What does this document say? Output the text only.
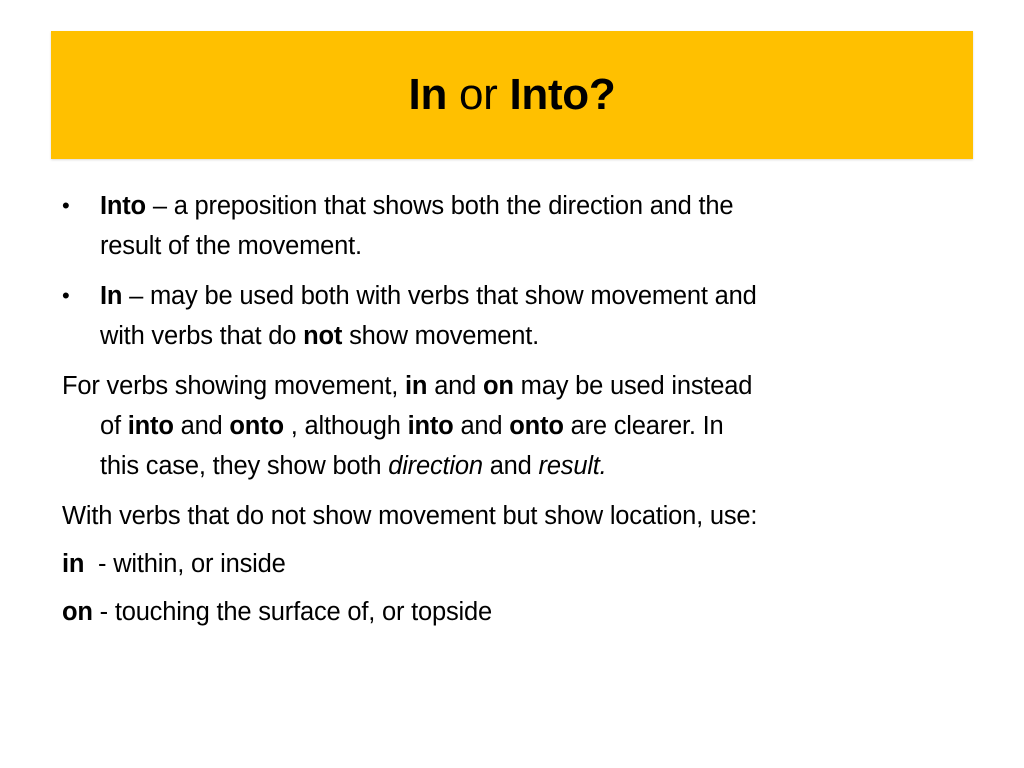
In or Into?
•	Into – a preposition that shows both the direction and the
result of the movement.
•	In – may be used both with verbs that show movement and
with verbs that do not show movement.
For verbs showing movement, in and on may be used instead
of into and onto , although into and onto are clearer. In
this case, they show both direction and result.
With verbs that do not show movement but show location, use:
in  - within, or inside
on - touching the surface of, or topside
